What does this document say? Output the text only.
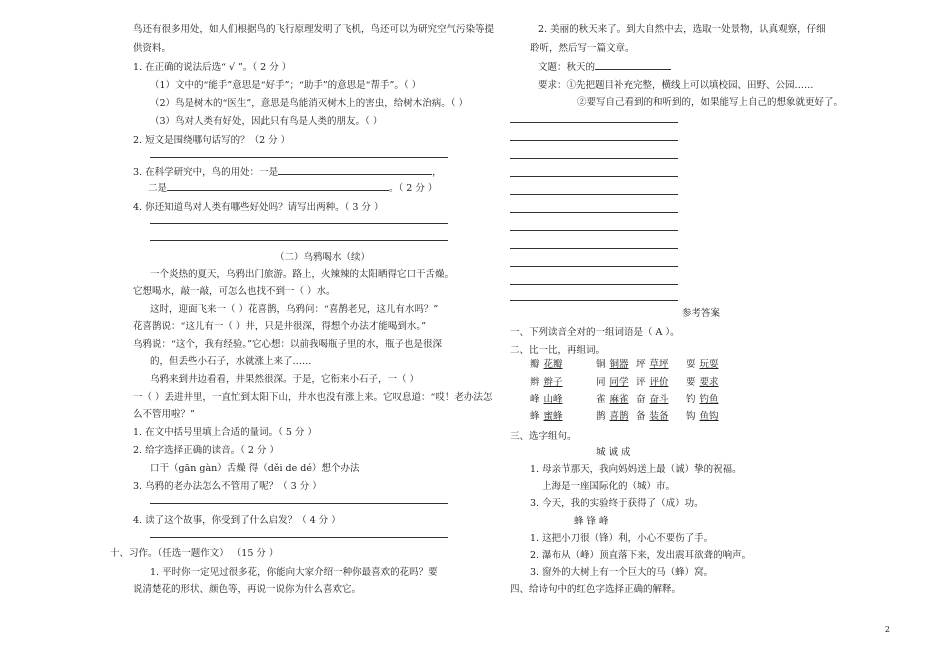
鸟还有很多用处，如人们根据鸟的飞行原理发明了飞机，鸟还可以为研究空气污染等提
供资料。
1. 在正确的说法后选“ √ ”。（ 2 分 ）
（1）文中的“能手”意思是“好手”；“助手”的意思是“帮手”。（ ）
（2）鸟是树木的“医生”，意思是鸟能消灭树木上的害虫，给树木治病。（ ）
（3）鸟对人类有好处，因此只有鸟是人类的朋友。（ ）
2. 短文是围绕哪句话写的？（2 分 ）
3. 在科学研究中，鸟的用处：一是	，
二是	。（ 2 分 ）
4. 你还知道鸟对人类有哪些好处吗？请写出两种。（ 3 分 ）
（二）乌鸦喝水（续）
一个炎热的夏天，乌鸦出门旅游。路上，火辣辣的太阳晒得它口干舌燥。
它想喝水，敲一敲，可怎么也找不到一（ ）水。
这时，迎面飞来一（ ）花喜鹊，乌鸦问：“喜鹊老兄，这儿有水吗？”
花喜鹊说：“这儿有一（ ）井，只是井很深，得想个办法才能喝到水。”
乌鸦说：“这个，我有经验。”它心想：以前我喝瓶子里的水，瓶子也是很深
的，但丢些小石子，水就涨上来了……
乌鸦来到井边看看，井果然很深。于是，它衔来小石子，一（ ）
一（ ）丢进井里，一直忙到太阳下山，井水也没有涨上来。它叹息道：“哎！老办法怎
么不管用啦？”
1. 在文中括号里填上合适的量词。（ 5 分 ）
2. 给字选择正确的读音。（ 2 分 ）
口干（gān gàn）舌燥 得（děi de dé）想个办法
3. 乌鸦的老办法怎么不管用了呢？（ 3 分 ）
4. 读了这个故事，你受到了什么启发？（ 4 分 ）
十、习作。（任选一题作文） （15 分 ）
1. 平时你一定见过很多花，你能向大家介绍一种你最喜欢的花吗？要
说清楚花的形状、颜色等，再说一说你为什么喜欢它。
2. 美丽的秋天来了。到大自然中去，选取一处景物，认真观察，仔细
聆听，然后写一篇文章。
文题：秋天的
要求：①先把题目补充完整，横线上可以填校园、田野、公园……
②要写自己看到的和听到的，如果能写上自己的想象就更好了。
参考答案
一、下列读音全对的一组词语是（ A ）。
二、比一比，再组词。
瓣 花瓣	铜 铜器 坪 草坪 耍 玩耍
辫 辫子	同 同学 评 评价 要 要求
峰 山峰	雀 麻雀 奋 奋斗 钓 钓鱼
蜂 蜜蜂	鹊 喜鹊 备 装备 钩 鱼钩
三、选字组句。
城 诚 成
1. 母亲节那天，我向妈妈送上最（诚）挚的祝福。
上海是一座国际化的（城）市。
3. 今天，我的实验终于获得了（成）功。
蜂 锋 峰
1. 这把小刀很（锋）利，小心不要伤了手。
2. 瀑布从（峰）顶直落下来，发出震耳欲聋的响声。
3. 窗外的大树上有一个巨大的马（蜂）窝。
四、给诗句中的红色字选择正确的解释。
2
